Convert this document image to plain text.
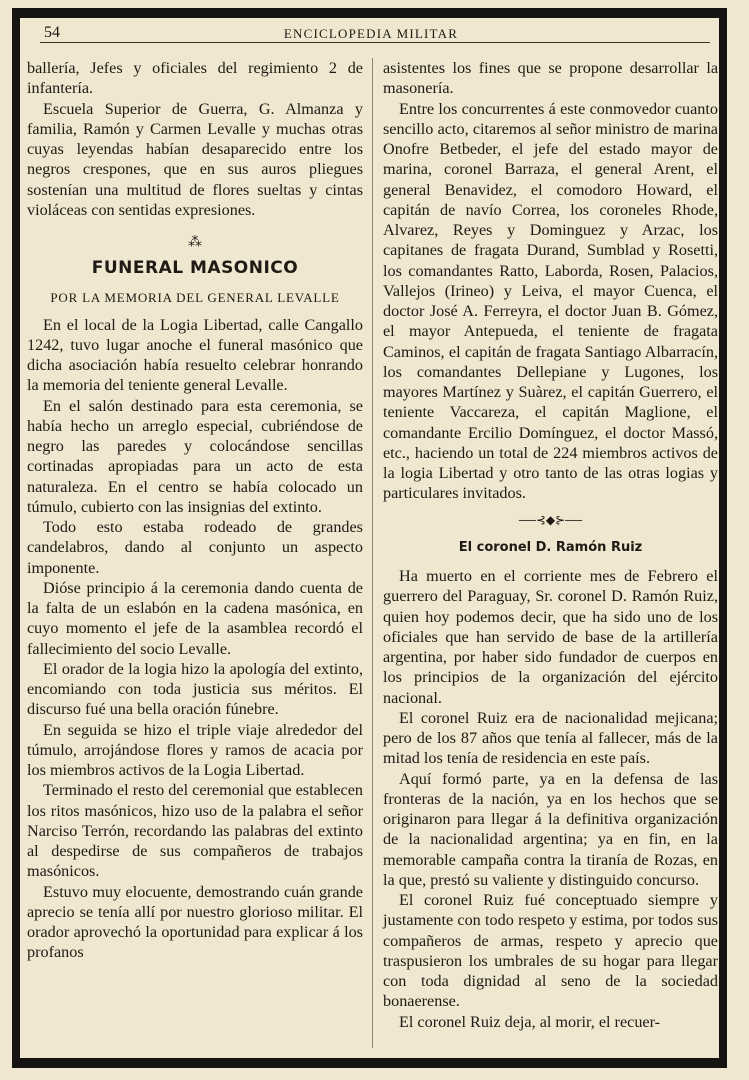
54	ENCICLOPEDIA MILITAR

ballería, Jefes y oficiales del regimiento 2 de infantería.

Escuela Superior de Guerra, G. Almanza y familia, Ramón y Carmen Levalle y muchas otras cuyas leyendas habían desaparecido entre los negros crespones, que en sus auros pliegues sostenían una multitud de flores sueltas y cintas violáceas con sentidas expresiones.

⁂
FUNERAL MASONICO
POR LA MEMORIA DEL GENERAL LEVALLE

En el local de la Logia Libertad, calle Cangallo 1242, tuvo lugar anoche el funeral masónico que dicha asociación había resuelto celebrar honrando la memoria del teniente general Levalle.

En el salón destinado para esta ceremonia, se había hecho un arreglo especial, cubriéndose de negro las paredes y colocándose sencillas cortinadas apropiadas para un acto de esta naturaleza. En el centro se había colocado un túmulo, cubierto con las insignias del extinto.

Todo esto estaba rodeado de grandes candelabros, dando al conjunto un aspecto imponente.

Dióse principio á la ceremonia dando cuenta de la falta de un eslabón en la cadena masónica, en cuyo momento el jefe de la asamblea recordó el fallecimiento del socio Levalle.

El orador de la logia hizo la apología del extinto, encomiando con toda justicia sus méritos. El discurso fué una bella oración fúnebre.

En seguida se hizo el triple viaje alrededor del túmulo, arrojándose flores y ramos de acacia por los miembros activos de la Logia Libertad.

Terminado el resto del ceremonial que establecen los ritos masónicos, hizo uso de la palabra el señor Narciso Terrón, recordando las palabras del extinto al despedirse de sus compañeros de trabajos masónicos.

Estuvo muy elocuente, demostrando cuán grande aprecio se tenía allí por nuestro glorioso militar. El orador aprovechó la oportunidad para explicar á los profanos

asistentes los fines que se propone desarrollar la masonería.

Entre los concurrentes á este conmovedor cuanto sencillo acto, citaremos al señor ministro de marina Onofre Betbeder, el jefe del estado mayor de marina, coronel Barraza, el general Arent, el general Benavidez, el comodoro Howard, el capitán de navío Correa, los coroneles Rhode, Alvarez, Reyes y Dominguez y Arzac, los capitanes de fragata Durand, Sumblad y Rosetti, los comandantes Ratto, Laborda, Rosen, Palacios, Vallejos (Irineo) y Leiva, el mayor Cuenca, el doctor José A. Ferreyra, el doctor Juan B. Gómez, el mayor Antepueda, el teniente de fragata Caminos, el capitán de fragata Santiago Albarracín, los comandantes Dellepiane y Lugones, los mayores Martínez y Suàrez, el capitán Guerrero, el teniente Vaccareza, el capitán Maglione, el comandante Ercilio Domínguez, el doctor Massó, etc., haciendo un total de 224 miembros activos de la logia Libertad y otro tanto de las otras logias y particulares invitados.

──⊰◆⊱──
El coronel D. Ramón Ruiz

Ha muerto en el corriente mes de Febrero el guerrero del Paraguay, Sr. coronel D. Ramón Ruiz, quien hoy podemos decir, que ha sido uno de los oficiales que han servido de base de la artillería argentina, por haber sido fundador de cuerpos en los principios de la organización del ejército nacional.

El coronel Ruiz era de nacionalidad mejicana; pero de los 87 años que tenía al fallecer, más de la mitad los tenía de residencia en este país.

Aquí formó parte, ya en la defensa de las fronteras de la nación, ya en los hechos que se originaron para llegar á la definitiva organización de la nacionalidad argentina; ya en fin, en la memorable campaña contra la tiranía de Rozas, en la que, prestó su valiente y distinguido concurso.

El coronel Ruiz fué conceptuado siempre y justamente con todo respeto y estima, por todos sus compañeros de armas, respeto y aprecio que traspusieron los umbrales de su hogar para llegar con toda dignidad al seno de la sociedad bonaerense.

El coronel Ruiz deja, al morir, el recuer-
